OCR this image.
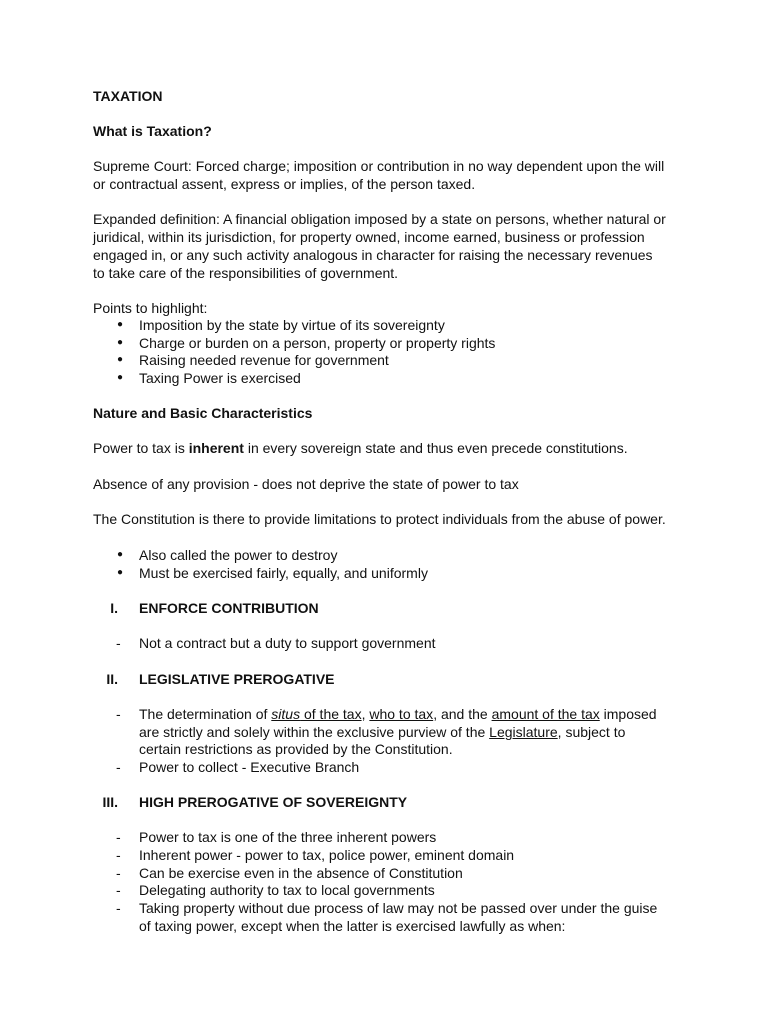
TAXATION
What is Taxation?
Supreme Court: Forced charge; imposition or contribution in no way dependent upon the will
or contractual assent, express or implies, of the person taxed.
Expanded definition: A financial obligation imposed by a state on persons, whether natural or
juridical, within its jurisdiction, for property owned, income earned, business or profession
engaged in, or any such activity analogous in character for raising the necessary revenues
to take care of the responsibilities of government.
Points to highlight:
● Imposition by the state by virtue of its sovereignty
● Charge or burden on a person, property or property rights
● Raising needed revenue for government
● Taxing Power is exercised
Nature and Basic Characteristics
Power to tax is inherent in every sovereign state and thus even precede constitutions.
Absence of any provision - does not deprive the state of power to tax
The Constitution is there to provide limitations to protect individuals from the abuse of power.
● Also called the power to destroy
● Must be exercised fairly, equally, and uniformly
I. ENFORCE CONTRIBUTION
- Not a contract but a duty to support government
II. LEGISLATIVE PREROGATIVE
- The determination of situs of the tax, who to tax, and the amount of the tax imposed
are strictly and solely within the exclusive purview of the Legislature, subject to
certain restrictions as provided by the Constitution.
- Power to collect - Executive Branch
III. HIGH PREROGATIVE OF SOVEREIGNTY
- Power to tax is one of the three inherent powers
- Inherent power - power to tax, police power, eminent domain
- Can be exercise even in the absence of Constitution
- Delegating authority to tax to local governments
- Taking property without due process of law may not be passed over under the guise
of taxing power, except when the latter is exercised lawfully as when:
